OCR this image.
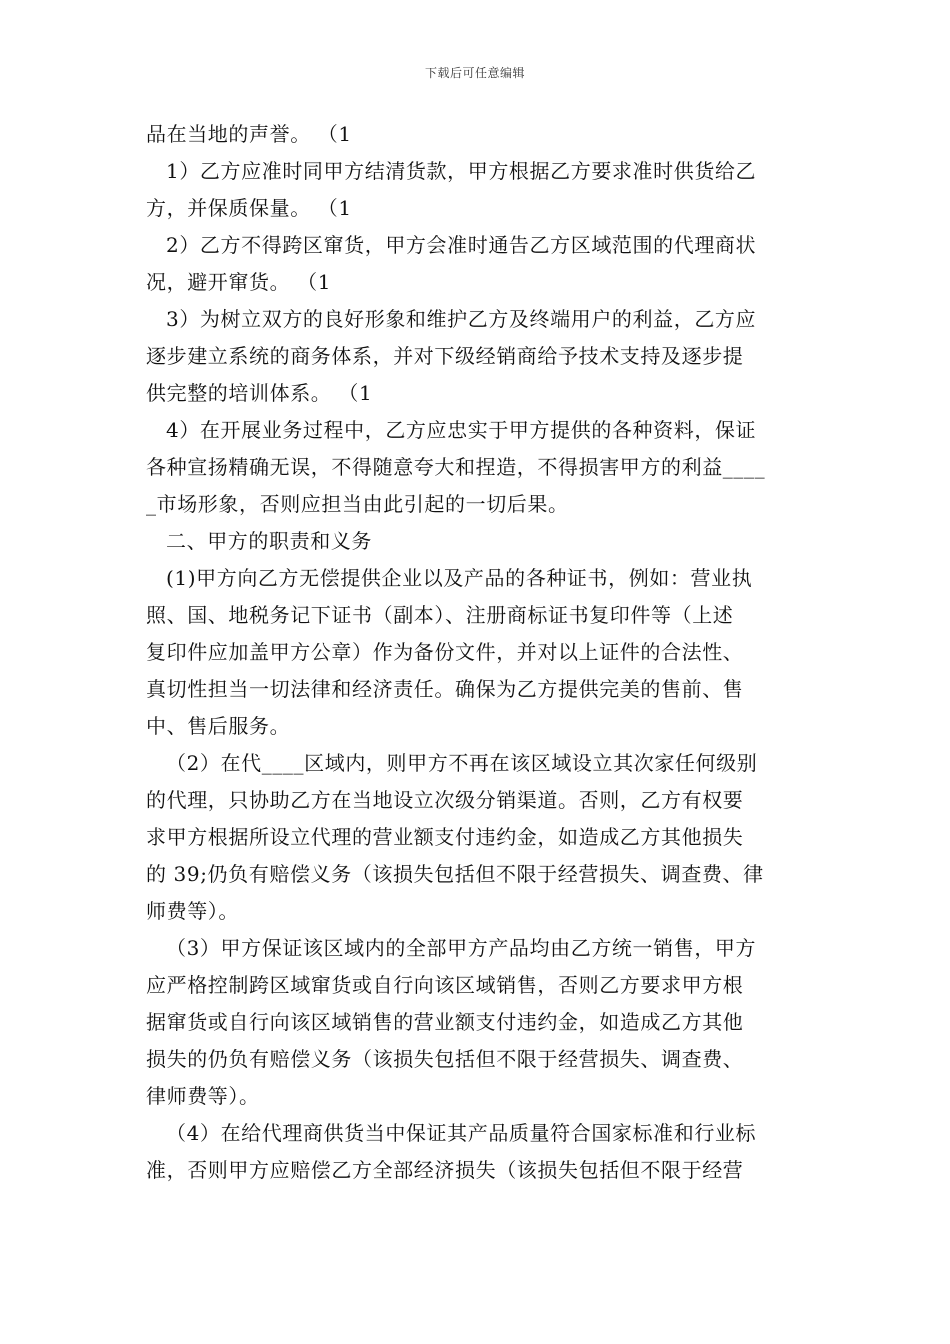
下载后可任意编辑
品在当地的声誉。 （1
1）乙方应准时同甲方结清货款，甲方根据乙方要求准时供货给乙
方，并保质保量。 （1
2）乙方不得跨区窜货，甲方会准时通告乙方区域范围的代理商状
况，避开窜货。 （1
3）为树立双方的良好形象和维护乙方及终端用户的利益，乙方应
逐步建立系统的商务体系，并对下级经销商给予技术支持及逐步提
供完整的培训体系。 （1
4）在开展业务过程中，乙方应忠实于甲方提供的各种资料，保证
各种宣扬精确无误，不得随意夸大和捏造，不得损害甲方的利益____
_市场形象，否则应担当由此引起的一切后果。
二、甲方的职责和义务
(1)甲方向乙方无偿提供企业以及产品的各种证书，例如：营业执
照、国、地税务记下证书（副本）、注册商标证书复印件等（上述
复印件应加盖甲方公章）作为备份文件，并对以上证件的合法性、
真切性担当一切法律和经济责任。确保为乙方提供完美的售前、售
中、售后服务。
（2）在代____区域内，则甲方不再在该区域设立其次家任何级别
的代理，只协助乙方在当地设立次级分销渠道。否则，乙方有权要
求甲方根据所设立代理的营业额支付违约金，如造成乙方其他损失
的 39;仍负有赔偿义务（该损失包括但不限于经营损失、调查费、律
师费等）。
（3）甲方保证该区域内的全部甲方产品均由乙方统一销售，甲方
应严格控制跨区域窜货或自行向该区域销售，否则乙方要求甲方根
据窜货或自行向该区域销售的营业额支付违约金，如造成乙方其他
损失的仍负有赔偿义务（该损失包括但不限于经营损失、调查费、
律师费等）。
（4）在给代理商供货当中保证其产品质量符合国家标准和行业标
准，否则甲方应赔偿乙方全部经济损失（该损失包括但不限于经营
